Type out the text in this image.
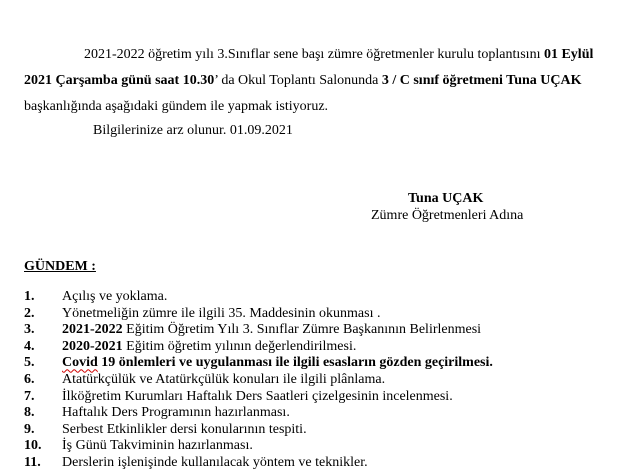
2021-2022 öğretim yılı 3.Sınıflar sene başı zümre öğretmenler kurulu toplantısını 01 Eylül
2021 Çarşamba günü saat 10.30’ da Okul Toplantı Salonunda 3 / C sınıf öğretmeni Tuna UÇAK
başkanlığında aşağıdaki gündem ile yapmak istiyoruz.
Bilgilerinize arz olunur. 01.09.2021
Tuna UÇAK
Zümre Öğretmenleri Adına
GÜNDEM :
1.	Açılış ve yoklama.
2.	Yönetmeliğin zümre ile ilgili 35. Maddesinin okunması .
3.	2021-2022 Eğitim Öğretim Yılı 3. Sınıflar Zümre Başkanının Belirlenmesi
4.	2020-2021 Eğitim öğretim yılının değerlendirilmesi.
5.	Covid 19 önlemleri ve uygulanması ile ilgili esasların gözden geçirilmesi.
6.	Atatürkçülük ve Atatürkçülük konuları ile ilgili plânlama.
7.	İlköğretim Kurumları Haftalık Ders Saatleri çizelgesinin incelenmesi.
8.	Haftalık Ders Programının hazırlanması.
9.	Serbest Etkinlikler dersi konularının tespiti.
10.	İş Günü Takviminin hazırlanması.
11.	Derslerin işlenişinde kullanılacak yöntem ve teknikler.
